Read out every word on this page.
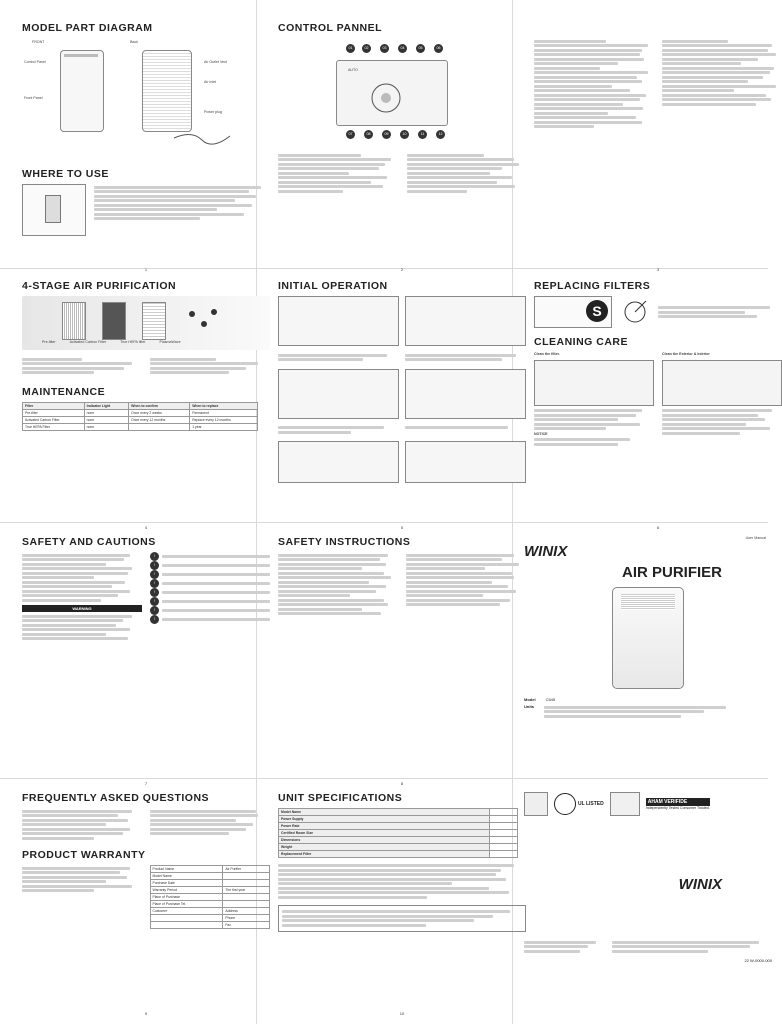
MODEL PART DIAGRAM
FRONT	Back
Control Panel
Front Panel
Air Outlet Vent
Air Inlet
Power plug
WHERE TO USE
1
CONTROL PANNEL
AUTO
01	02	03	04	05	06
07	08	09	10	11	12
2	3
4-STAGE AIR PURIFICATION
Pre-filter	Activated Carbon Filter	True HEPA filter	PlasmaWave
MAINTENANCE
Filter	Indicator Light	When to confirm	When to replace
Pre-filter	none	Once every 2 weeks	Permanent
Activated Carbon Filter	none	Once every 12 months	Replace every 12 months
True HEPA Filter	none		1 year
4
INITIAL OPERATION
5
REPLACING FILTERS
S
CLEANING CARE
Clean the filter.
NOTICE
Clean the Exterior & Interior
6
SAFETY AND CAUTIONS
WARNING
!
!
!
!
!
!
!
!
7
SAFETY INSTRUCTIONS
8
User Manual
WINIX
AIR PURIFIER
Model	C545
Units
FREQUENTLY ASKED QUESTIONS
PRODUCT WARRANTY
Product Name	Air Purifier
Model Name	
Purchase Date	
Warranty Period	The first year
Place of Purchase	
Place of Purchase Tel.	
Customer	Address
	Phone
	Fax
9
UNIT SPECIFICATIONS
Model Name	
Power Supply	
Power Rate	
Certified Room Size	
Dimensions	
Weight	
Replacement Filter	
10
UL LISTED	AHAM VERIFIDE
Independently Tested Consumer Trusted.
WINIX
22 W-0000-000
